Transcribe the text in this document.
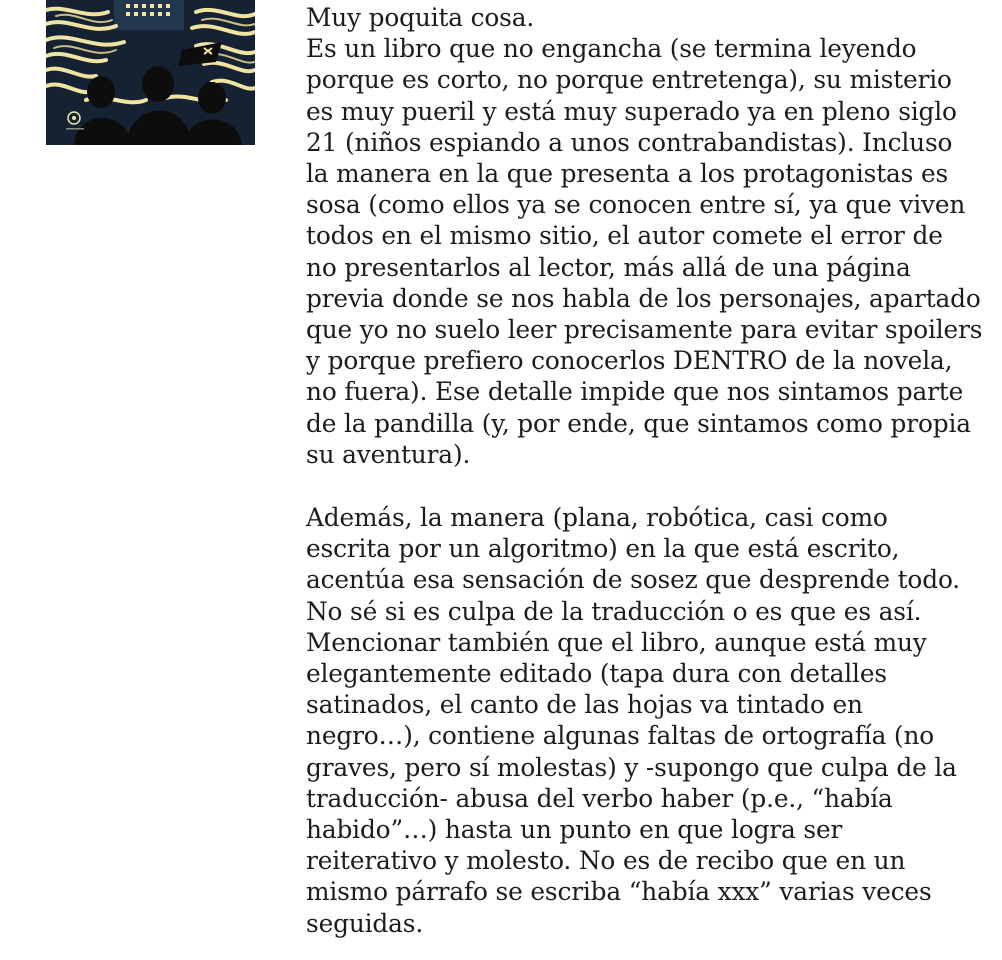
Muy poquita cosa.
Es un libro que no engancha (se termina leyendo
porque es corto, no porque entretenga), su misterio
es muy pueril y está muy superado ya en pleno siglo
21 (niños espiando a unos contrabandistas). Incluso
la manera en la que presenta a los protagonistas es
sosa (como ellos ya se conocen entre sí, ya que viven
todos en el mismo sitio, el autor comete el error de
no presentarlos al lector, más allá de una página
previa donde se nos habla de los personajes, apartado
que yo no suelo leer precisamente para evitar spoilers
y porque prefiero conocerlos DENTRO de la novela,
no fuera). Ese detalle impide que nos sintamos parte
de la pandilla (y, por ende, que sintamos como propia
su aventura).

Además, la manera (plana, robótica, casi como
escrita por un algoritmo) en la que está escrito,
acentúa esa sensación de sosez que desprende todo.
No sé si es culpa de la traducción o es que es así.
Mencionar también que el libro, aunque está muy
elegantemente editado (tapa dura con detalles
satinados, el canto de las hojas va tintado en
negro…), contiene algunas faltas de ortografía (no
graves, pero sí molestas) y -supongo que culpa de la
traducción- abusa del verbo haber (p.e., “había
habido”…) hasta un punto en que logra ser
reiterativo y molesto. No es de recibo que en un
mismo párrafo se escriba “había xxx” varias veces
seguidas.
